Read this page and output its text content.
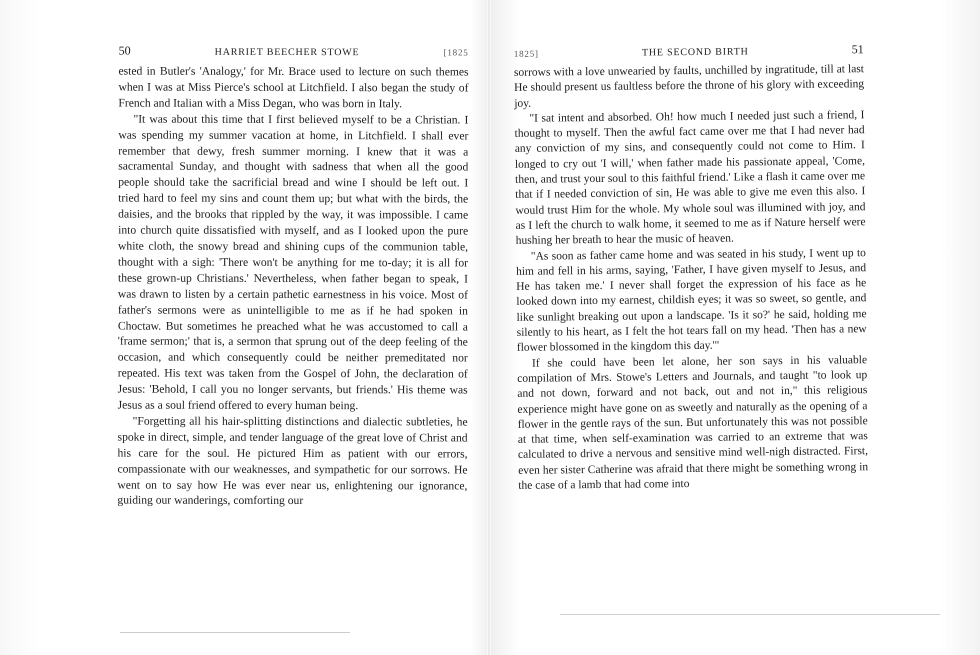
50	HARRIET BEECHER STOWE	[1825

ested in Butler's 'Analogy,' for Mr. Brace used to lecture on such themes when I was at Miss Pierce's school at Litchfield. I also began the study of French and Italian with a Miss Degan, who was born in Italy.

"It was about this time that I first believed myself to be a Christian. I was spending my summer vacation at home, in Litchfield. I shall ever remember that dewy, fresh summer morning. I knew that it was a sacramental Sunday, and thought with sadness that when all the good people should take the sacrificial bread and wine I should be left out. I tried hard to feel my sins and count them up; but what with the birds, the daisies, and the brooks that rippled by the way, it was impossible. I came into church quite dissatisfied with myself, and as I looked upon the pure white cloth, the snowy bread and shining cups of the communion table, thought with a sigh: 'There won't be anything for me to-day; it is all for these grown-up Christians.' Nevertheless, when father began to speak, I was drawn to listen by a certain pathetic earnestness in his voice. Most of father's sermons were as unintelligible to me as if he had spoken in Choctaw. But sometimes he preached what he was accustomed to call a 'frame sermon;' that is, a sermon that sprung out of the deep feeling of the occasion, and which consequently could be neither premeditated nor repeated. His text was taken from the Gospel of John, the declaration of Jesus: 'Behold, I call you no longer servants, but friends.' His theme was Jesus as a soul friend offered to every human being.

"Forgetting all his hair-splitting distinctions and dialectic subtleties, he spoke in direct, simple, and tender language of the great love of Christ and his care for the soul. He pictured Him as patient with our errors, compassionate with our weaknesses, and sympathetic for our sorrows. He went on to say how He was ever near us, enlightening our ignorance, guiding our wanderings, comforting our

1825]	THE SECOND BIRTH	51

sorrows with a love unwearied by faults, unchilled by ingratitude, till at last He should present us faultless before the throne of his glory with exceeding joy.

"I sat intent and absorbed. Oh! how much I needed just such a friend, I thought to myself. Then the awful fact came over me that I had never had any conviction of my sins, and consequently could not come to Him. I longed to cry out 'I will,' when father made his passionate appeal, 'Come, then, and trust your soul to this faithful friend.' Like a flash it came over me that if I needed conviction of sin, He was able to give me even this also. I would trust Him for the whole. My whole soul was illumined with joy, and as I left the church to walk home, it seemed to me as if Nature herself were hushing her breath to hear the music of heaven.

"As soon as father came home and was seated in his study, I went up to him and fell in his arms, saying, 'Father, I have given myself to Jesus, and He has taken me.' I never shall forget the expression of his face as he looked down into my earnest, childish eyes; it was so sweet, so gentle, and like sunlight breaking out upon a landscape. 'Is it so?' he said, holding me silently to his heart, as I felt the hot tears fall on my head. 'Then has a new flower blossomed in the kingdom this day.'"

If she could have been let alone, her son says in his valuable compilation of Mrs. Stowe's Letters and Journals, and taught "to look up and not down, forward and not back, out and not in," this religious experience might have gone on as sweetly and naturally as the opening of a flower in the gentle rays of the sun. But unfortunately this was not possible at that time, when self-examination was carried to an extreme that was calculated to drive a nervous and sensitive mind well-nigh distracted. First, even her sister Catherine was afraid that there might be something wrong in the case of a lamb that had come into
